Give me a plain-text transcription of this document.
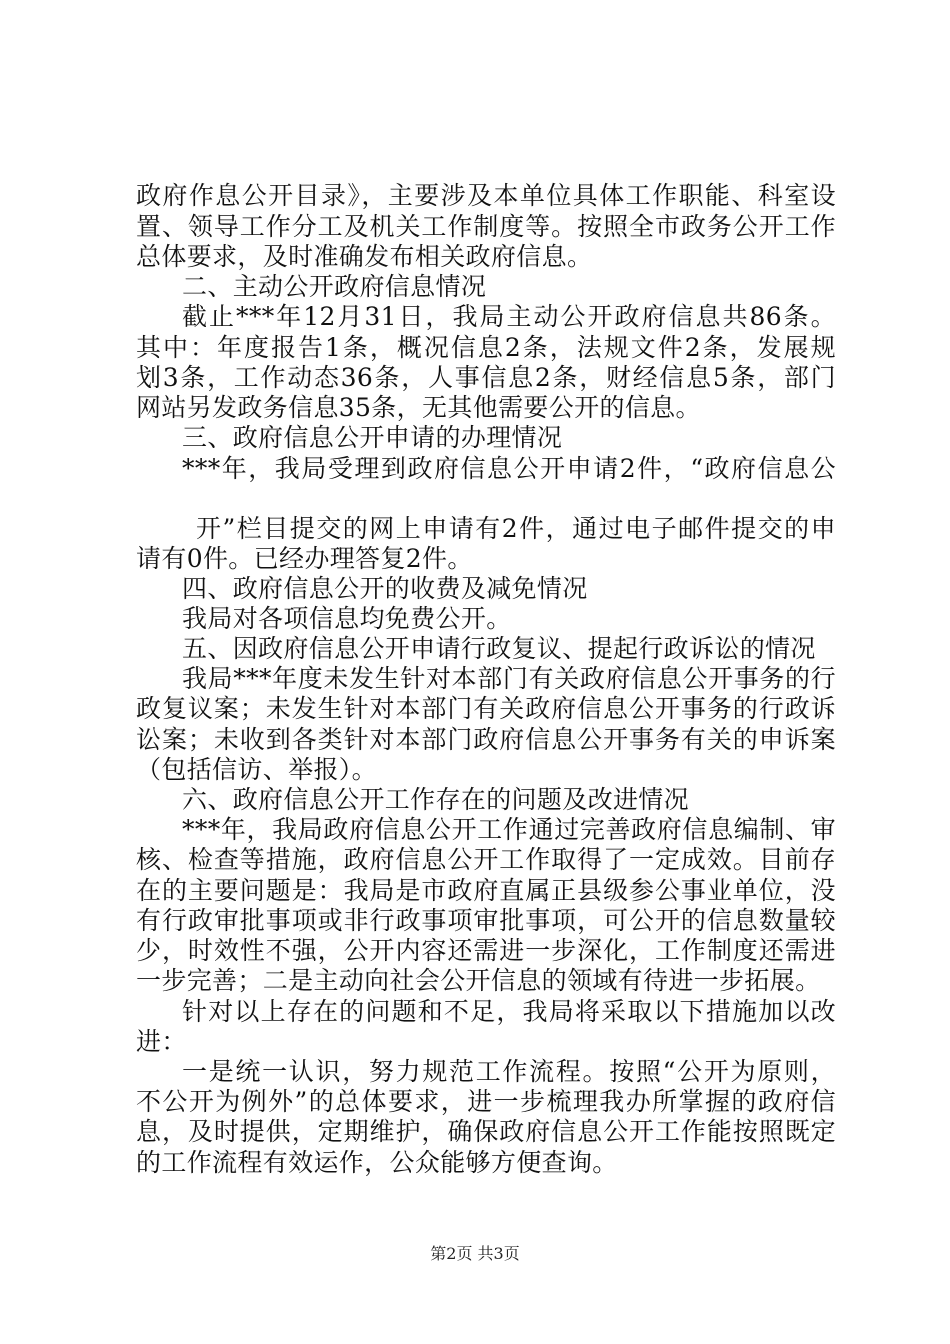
政府作息公开目录》，主要涉及本单位具体工作职能、科室设
置、领导工作分工及机关工作制度等。按照全市政务公开工作
总体要求，及时准确发布相关政府信息。
二、主动公开政府信息情况
截止***年12月31日，我局主动公开政府信息共86条。
其中：年度报告1条，概况信息2条，法规文件2条，发展规
划3条，工作动态36条，人事信息2条，财经信息5条，部门
网站另发政务信息35条，无其他需要公开的信息。
三、政府信息公开申请的办理情况
***年，我局受理到政府信息公开申请2件，“政府信息公
开”栏目提交的网上申请有2件，通过电子邮件提交的申
请有0件。已经办理答复2件。
四、政府信息公开的收费及减免情况
我局对各项信息均免费公开。
五、因政府信息公开申请行政复议、提起行政诉讼的情况
我局***年度未发生针对本部门有关政府信息公开事务的行
政复议案；未发生针对本部门有关政府信息公开事务的行政诉
讼案；未收到各类针对本部门政府信息公开事务有关的申诉案
（包括信访、举报）。
六、政府信息公开工作存在的问题及改进情况
***年，我局政府信息公开工作通过完善政府信息编制、审
核、检查等措施，政府信息公开工作取得了一定成效。目前存
在的主要问题是：我局是市政府直属正县级参公事业单位，没
有行政审批事项或非行政事项审批事项，可公开的信息数量较
少，时效性不强，公开内容还需进一步深化，工作制度还需进
一步完善；二是主动向社会公开信息的领域有待进一步拓展。
针对以上存在的问题和不足，我局将采取以下措施加以改
进：
一是统一认识，努力规范工作流程。按照“公开为原则，
不公开为例外”的总体要求，进一步梳理我办所掌握的政府信
息，及时提供，定期维护，确保政府信息公开工作能按照既定
的工作流程有效运作，公众能够方便查询。
第2页 共3页
